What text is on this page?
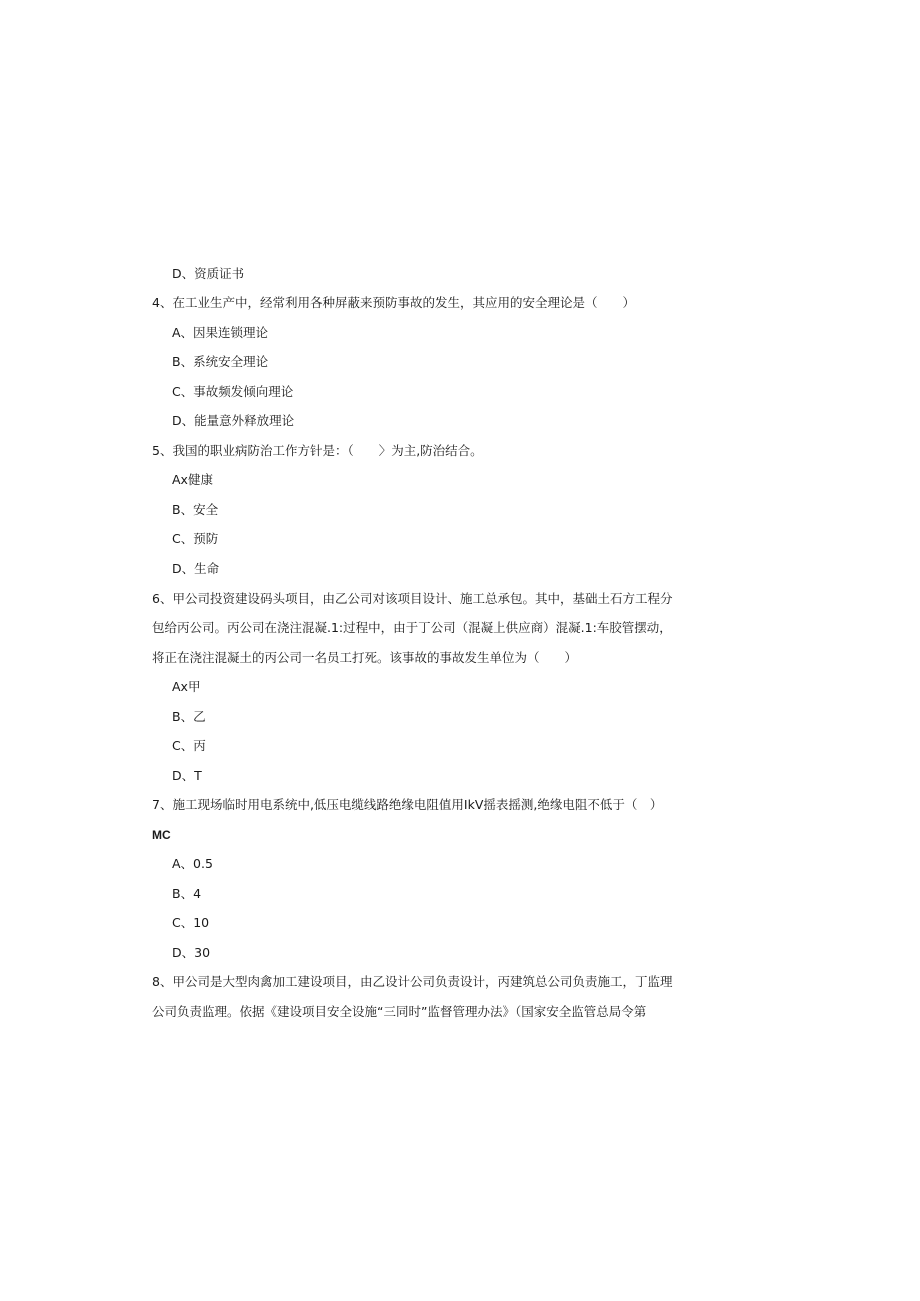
D、资质证书
4、在工业生产中，经常利用各种屏蔽来预防事故的发生，其应用的安全理论是（　　）
A、因果连锁理论
B、系统安全理论
C、事故频发倾向理论
D、能量意外释放理论
5、我国的职业病防治工作方针是：（　　〉为主,防治结合。
Ax健康
B、安全
C、预防
D、生命
6、甲公司投资建设码头项目，由乙公司对该项目设计、施工总承包。其中，基础土石方工程分
包给丙公司。丙公司在浇注混凝.1:过程中，由于丁公司（混凝上供应商）混凝.1:车胶管摆动，
将正在浇注混凝土的丙公司一名员工打死。该事故的事故发生单位为（　　）
Ax甲
B、乙
C、丙
D、T
7、施工现场临时用电系统中,低压电缆线路绝缘电阻值用IkV摇表摇测,绝缘电阻不低于（　）
MC
A、0.5
B、4
C、10
D、30
8、甲公司是大型肉禽加工建设项目，由乙设计公司负责设计，丙建筑总公司负责施工，丁监理
公司负责监理。依据《建设项目安全设施“三同时”监督管理办法》（国家安全监管总局令第
